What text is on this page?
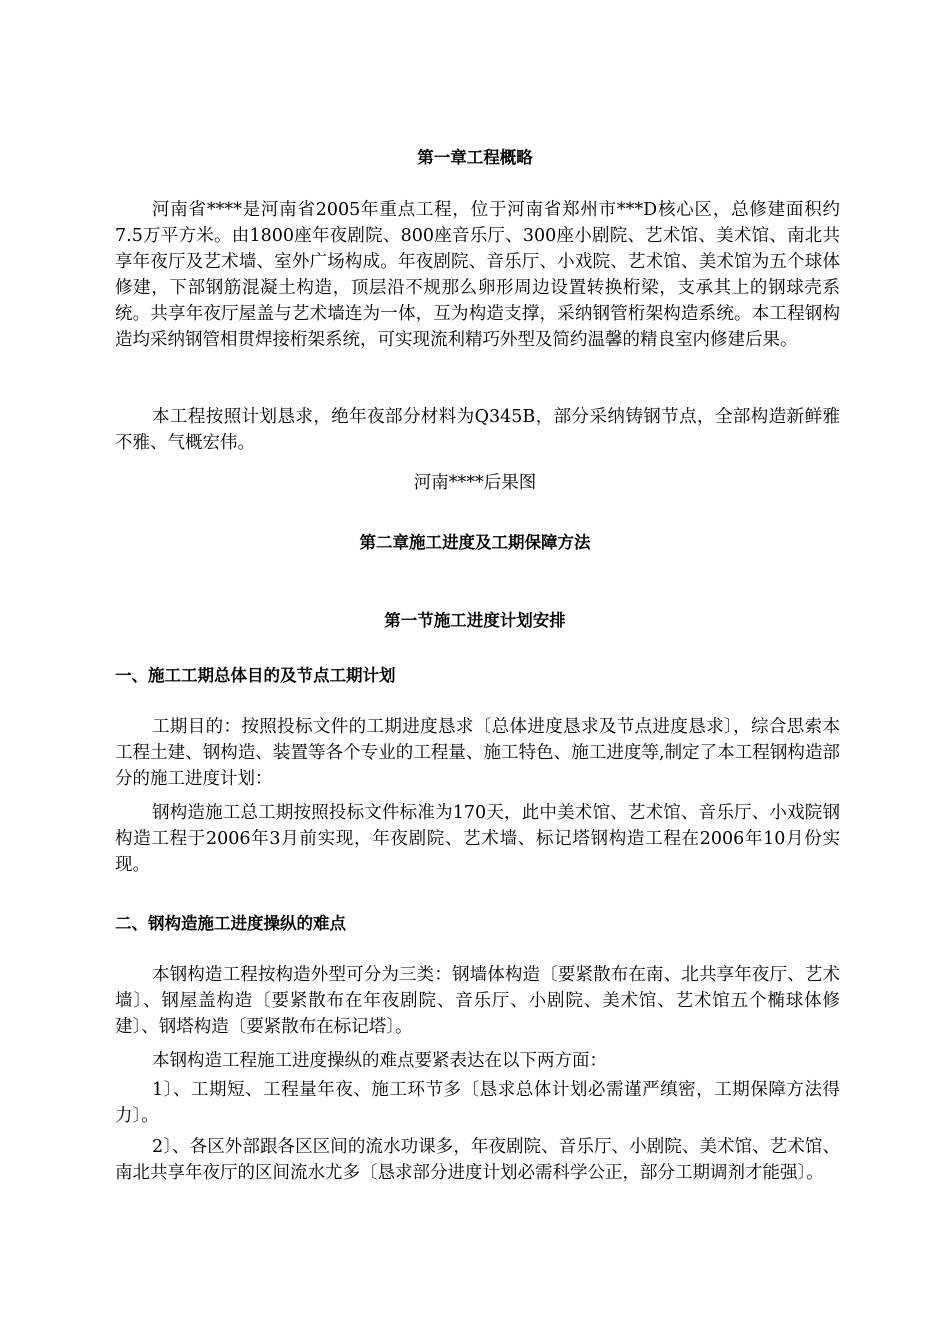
第一章工程概略

河南省****是河南省2005年重点工程，位于河南省郑州市***D核心区，总修建面积约7.5万平方米。由1800座年夜剧院、800座音乐厅、300座小剧院、艺术馆、美术馆、南北共享年夜厅及艺术墙、室外广场构成。年夜剧院、音乐厅、小戏院、艺术馆、美术馆为五个球体修建，下部钢筋混凝土构造，顶层沿不规那么卵形周边设置转换桁梁，支承其上的钢球壳系统。共享年夜厅屋盖与艺术墙连为一体，互为构造支撑，采纳钢管桁架构造系统。本工程钢构造均采纳钢管相贯焊接桁架系统，可实现流利精巧外型及简约温馨的精良室内修建后果。

本工程按照计划恳求，绝年夜部分材料为Q345B，部分采纳铸钢节点，全部构造新鲜雅不雅、气概宏伟。

河南****后果图
第二章施工进度及工期保障方法
第一节施工进度计划安排
一、施工工期总体目的及节点工期计划

工期目的：按照投标文件的工期进度恳求〔总体进度恳求及节点进度恳求〕，综合思索本工程土建、钢构造、装置等各个专业的工程量、施工特色、施工进度等,制定了本工程钢构造部分的施工进度计划：

钢构造施工总工期按照投标文件标准为170天，此中美术馆、艺术馆、音乐厅、小戏院钢构造工程于2006年3月前实现，年夜剧院、艺术墙、标记塔钢构造工程在2006年10月份实现。

二、钢构造施工进度操纵的难点

本钢构造工程按构造外型可分为三类：钢墙体构造〔要紧散布在南、北共享年夜厅、艺术墙〕、钢屋盖构造〔要紧散布在年夜剧院、音乐厅、小剧院、美术馆、艺术馆五个椭球体修建〕、钢塔构造〔要紧散布在标记塔〕。

本钢构造工程施工进度操纵的难点要紧表达在以下两方面：

1〕、工期短、工程量年夜、施工环节多〔恳求总体计划必需谨严缜密，工期保障方法得力〕。

2〕、各区外部跟各区区间的流水功课多，年夜剧院、音乐厅、小剧院、美术馆、艺术馆、南北共享年夜厅的区间流水尤多〔恳求部分进度计划必需科学公正，部分工期调剂才能强〕。
